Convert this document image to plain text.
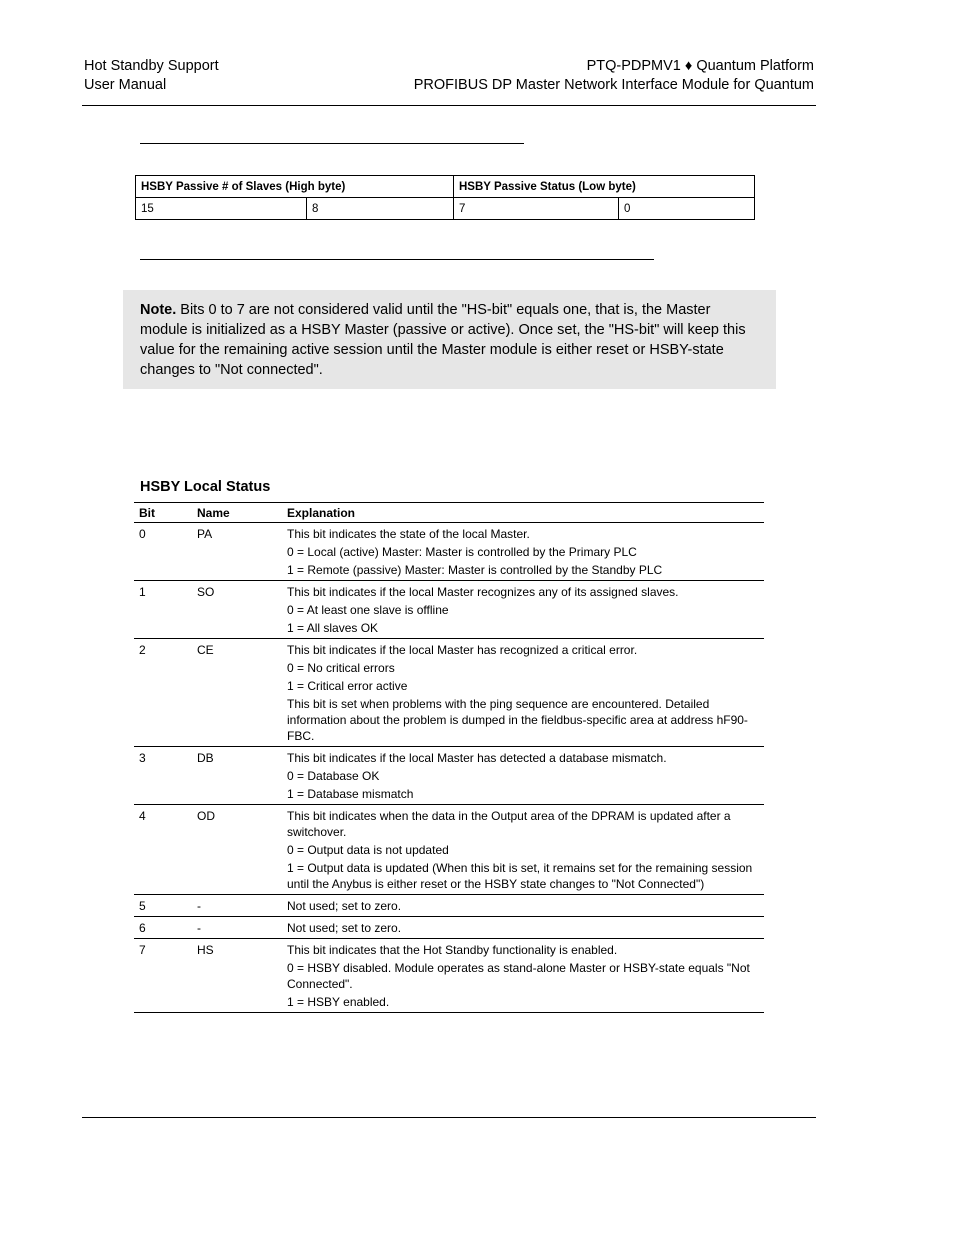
Hot Standby Support
User Manual
PTQ-PDPMV1 ♦ Quantum Platform
PROFIBUS DP Master Network Interface Module for Quantum
HSBY Passive # of Slaves (High byte)		HSBY Passive Status (Low byte)	
15	8	7	0
Note. Bits 0 to 7 are not considered valid until the "HS-bit" equals one, that is, the Master module is initialized as a HSBY Master (passive or active). Once set, the "HS-bit" will keep this value for the remaining active session until the Master module is either reset or HSBY-state changes to "Not connected".
HSBY Local Status
Bit	Name	Explanation
0	PA	This bit indicates the state of the local Master.

0 = Local (active) Master: Master is controlled by the Primary PLC

1 = Remote (passive) Master: Master is controlled by the Standby PLC

1	SO	This bit indicates if the local Master recognizes any of its assigned slaves.

0 = At least one slave is offline

1 = All slaves OK

2	CE	This bit indicates if the local Master has recognized a critical error.

0 = No critical errors

1 = Critical error active

This bit is set when problems with the ping sequence are encountered. Detailed information about the problem is dumped in the fieldbus-specific area at address hF90-FBC.

3	DB	This bit indicates if the local Master has detected a database mismatch.

0 = Database OK

1 = Database mismatch

4	OD	This bit indicates when the data in the Output area of the DPRAM is updated after a switchover.

0 = Output data is not updated

1 = Output data is updated (When this bit is set, it remains set for the remaining session until the Anybus is either reset or the HSBY state changes to "Not Connected")

5	-	Not used; set to zero.

6	-	Not used; set to zero.

7	HS	This bit indicates that the Hot Standby functionality is enabled.

0 = HSBY disabled. Module operates as stand-alone Master or HSBY-state equals "Not Connected".

1 = HSBY enabled.
